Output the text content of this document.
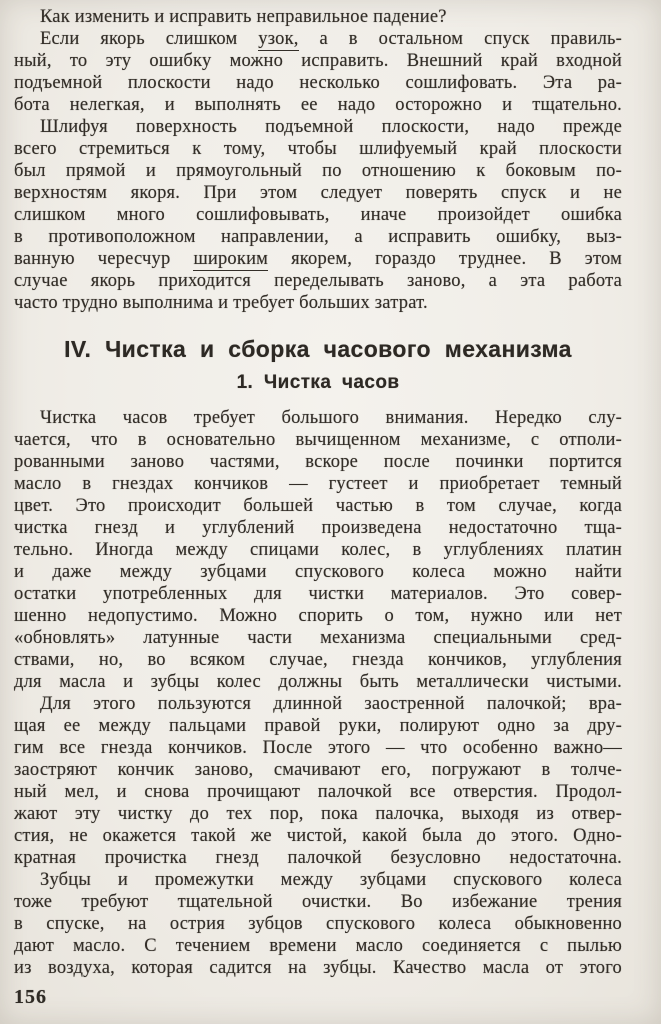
Как изменить и исправить неправильное падение?
Если якорь слишком узок, а в остальном спуск правиль-
ный, то эту ошибку можно исправить. Внешний край входной
подъемной плоскости надо несколько сошлифовать. Эта ра-
бота нелегкая, и выполнять ее надо осторожно и тщательно.
Шлифуя поверхность подъемной плоскости, надо прежде
всего стремиться к тому, чтобы шлифуемый край плоскости
был прямой и прямоугольный по отношению к боковым по-
верхностям якоря. При этом следует поверять спуск и не
слишком много сошлифовывать, иначе произойдет ошибка
в противоположном направлении, а исправить ошибку, выз-
ванную чересчур широким якорем, гораздо труднее. В этом
случае якорь приходится переделывать заново, а эта работа
часто трудно выполнима и требует больших затрат.
IV. Чистка и сборка часового механизма
1. Чистка часов
Чистка часов требует большого внимания. Нередко слу-
чается, что в основательно вычищенном механизме, с отполи-
рованными заново частями, вскоре после починки портится
масло в гнездах кончиков — густеет и приобретает темный
цвет. Это происходит большей частью в том случае, когда
чистка гнезд и углублений произведена недостаточно тща-
тельно. Иногда между спицами колес, в углублениях платин
и даже между зубцами спускового колеса можно найти
остатки употребленных для чистки материалов. Это совер-
шенно недопустимо. Можно спорить о том, нужно или нет
«обновлять» латунные части механизма специальными сред-
ствами, но, во всяком случае, гнезда кончиков, углубления
для масла и зубцы колес должны быть металлически чистыми.
Для этого пользуются длинной заостренной палочкой; вра-
щая ее между пальцами правой руки, полируют одно за дру-
гим все гнезда кончиков. После этого — что особенно важно—
заостряют кончик заново, смачивают его, погружают в толче-
ный мел, и снова прочищают палочкой все отверстия. Продол-
жают эту чистку до тех пор, пока палочка, выходя из отвер-
стия, не окажется такой же чистой, какой была до этого. Одно-
кратная прочистка гнезд палочкой безусловно недостаточна.
Зубцы и промежутки между зубцами спускового колеса
тоже требуют тщательной очистки. Во избежание трения
в спуске, на острия зубцов спускового колеса обыкновенно
дают масло. С течением времени масло соединяется с пылью
из воздуха, которая садится на зубцы. Качество масла от этого
156
